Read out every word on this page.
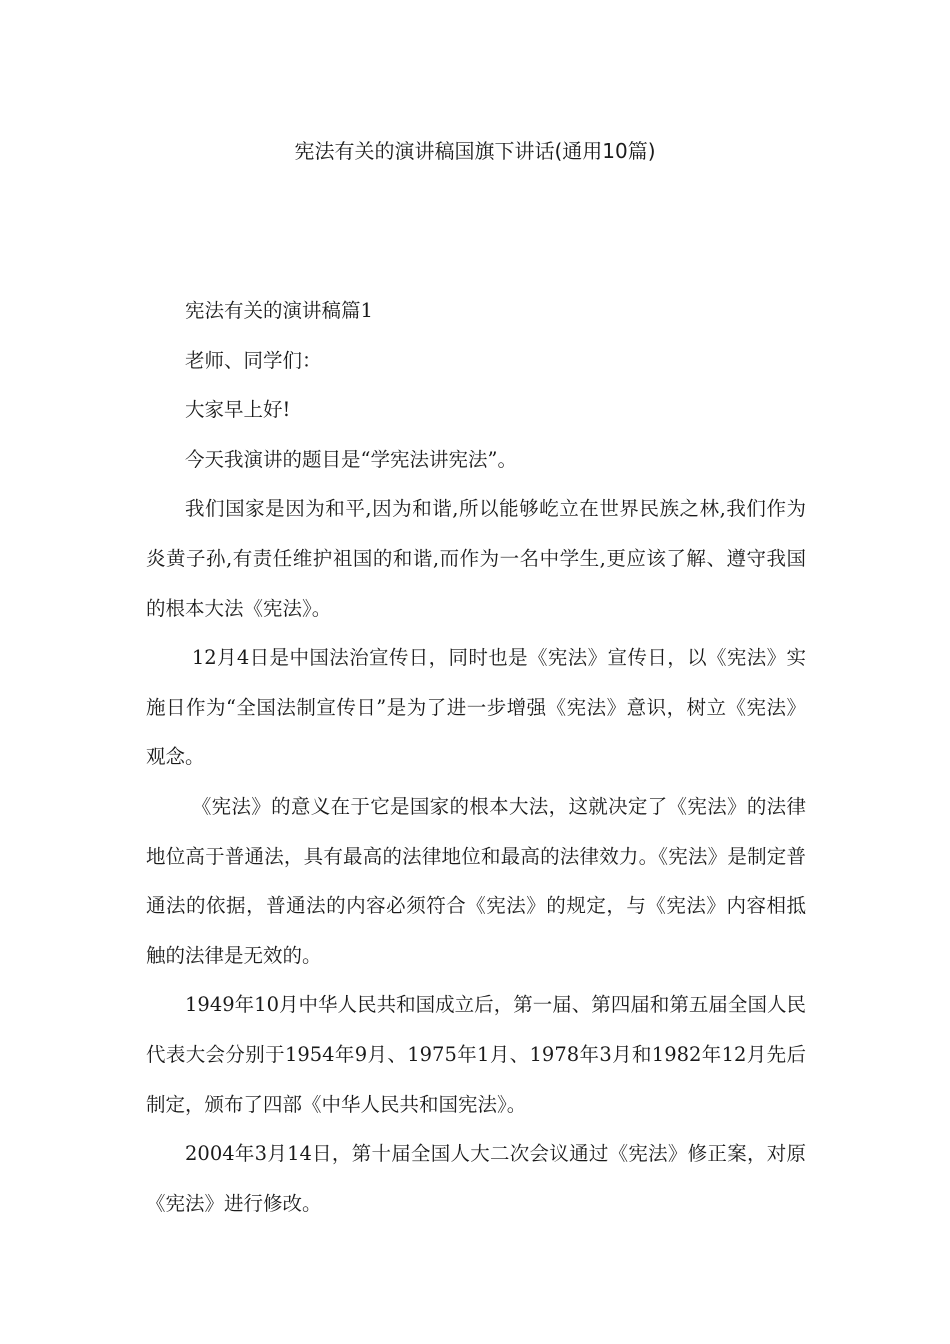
宪法有关的演讲稿国旗下讲话(通用10篇)

宪法有关的演讲稿篇1

老师、同学们：

大家早上好!

今天我演讲的题目是“学宪法讲宪法”。

我们国家是因为和平,因为和谐,所以能够屹立在世界民族之林,我们作为炎黄子孙,有责任维护祖国的和谐,而作为一名中学生,更应该了解、遵守我国的根本大法《宪法》。

12月4日是中国法治宣传日，同时也是《宪法》宣传日，以《宪法》实施日作为“全国法制宣传日”是为了进一步增强《宪法》意识，树立《宪法》观念。

《宪法》的意义在于它是国家的根本大法，这就决定了《宪法》的法律地位高于普通法，具有最高的法律地位和最高的法律效力。《宪法》是制定普通法的依据，普通法的内容必须符合《宪法》的规定，与《宪法》内容相抵触的法律是无效的。

1949年10月中华人民共和国成立后，第一届、第四届和第五届全国人民代表大会分别于1954年9月、1975年1月、1978年3月和1982年12月先后制定，颁布了四部《中华人民共和国宪法》。

2004年3月14日，第十届全国人大二次会议通过《宪法》修正案，对原《宪法》进行修改。
